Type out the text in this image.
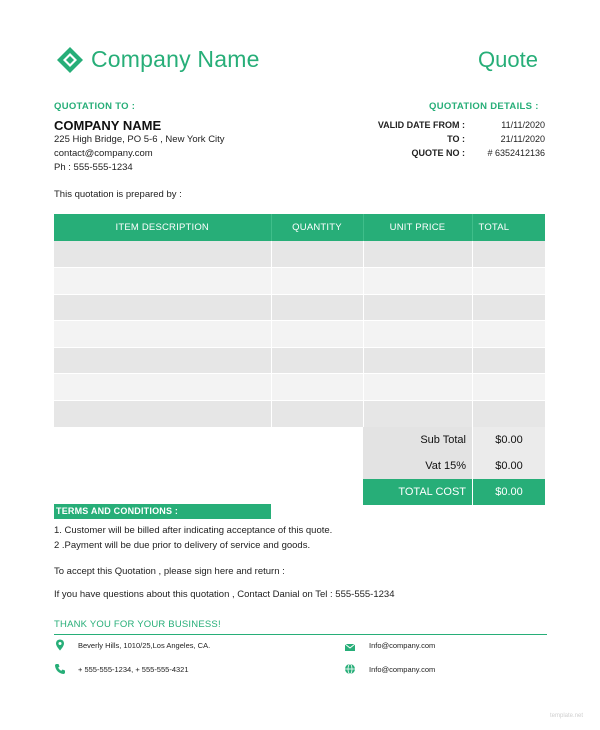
Company Name	Quote
QUOTATION TO :
COMPANY NAME
225 High Bridge, PO 5-6 , New York City
contact@company.com
Ph : 555-555-1234
QUOTATION DETAILS :
VALID DATE FROM :	11/11/2020
TO :	21/11/2020
QUOTE NO :	# 6352412136
This quotation is prepared by :
ITEM DESCRIPTION	QUANTITY	UNIT PRICE	TOTAL

Sub Total	$0.00
Vat 15%	$0.00
TOTAL COST	$0.00
TERMS AND CONDITIONS :
1. Customer will be billed after indicating acceptance of this quote.
2 .Payment will be due prior to delivery of service and goods.
To accept this Quotation , please sign here and return :
If you have questions about this quotation , Contact Danial on Tel : 555-555-1234
THANK YOU FOR YOUR BUSINESS!
Beverly Hills, 1010/25,Los Angeles, CA.
+ 555-555-1234, + 555-555-4321
Info@company.com
Info@company.com
template.net
